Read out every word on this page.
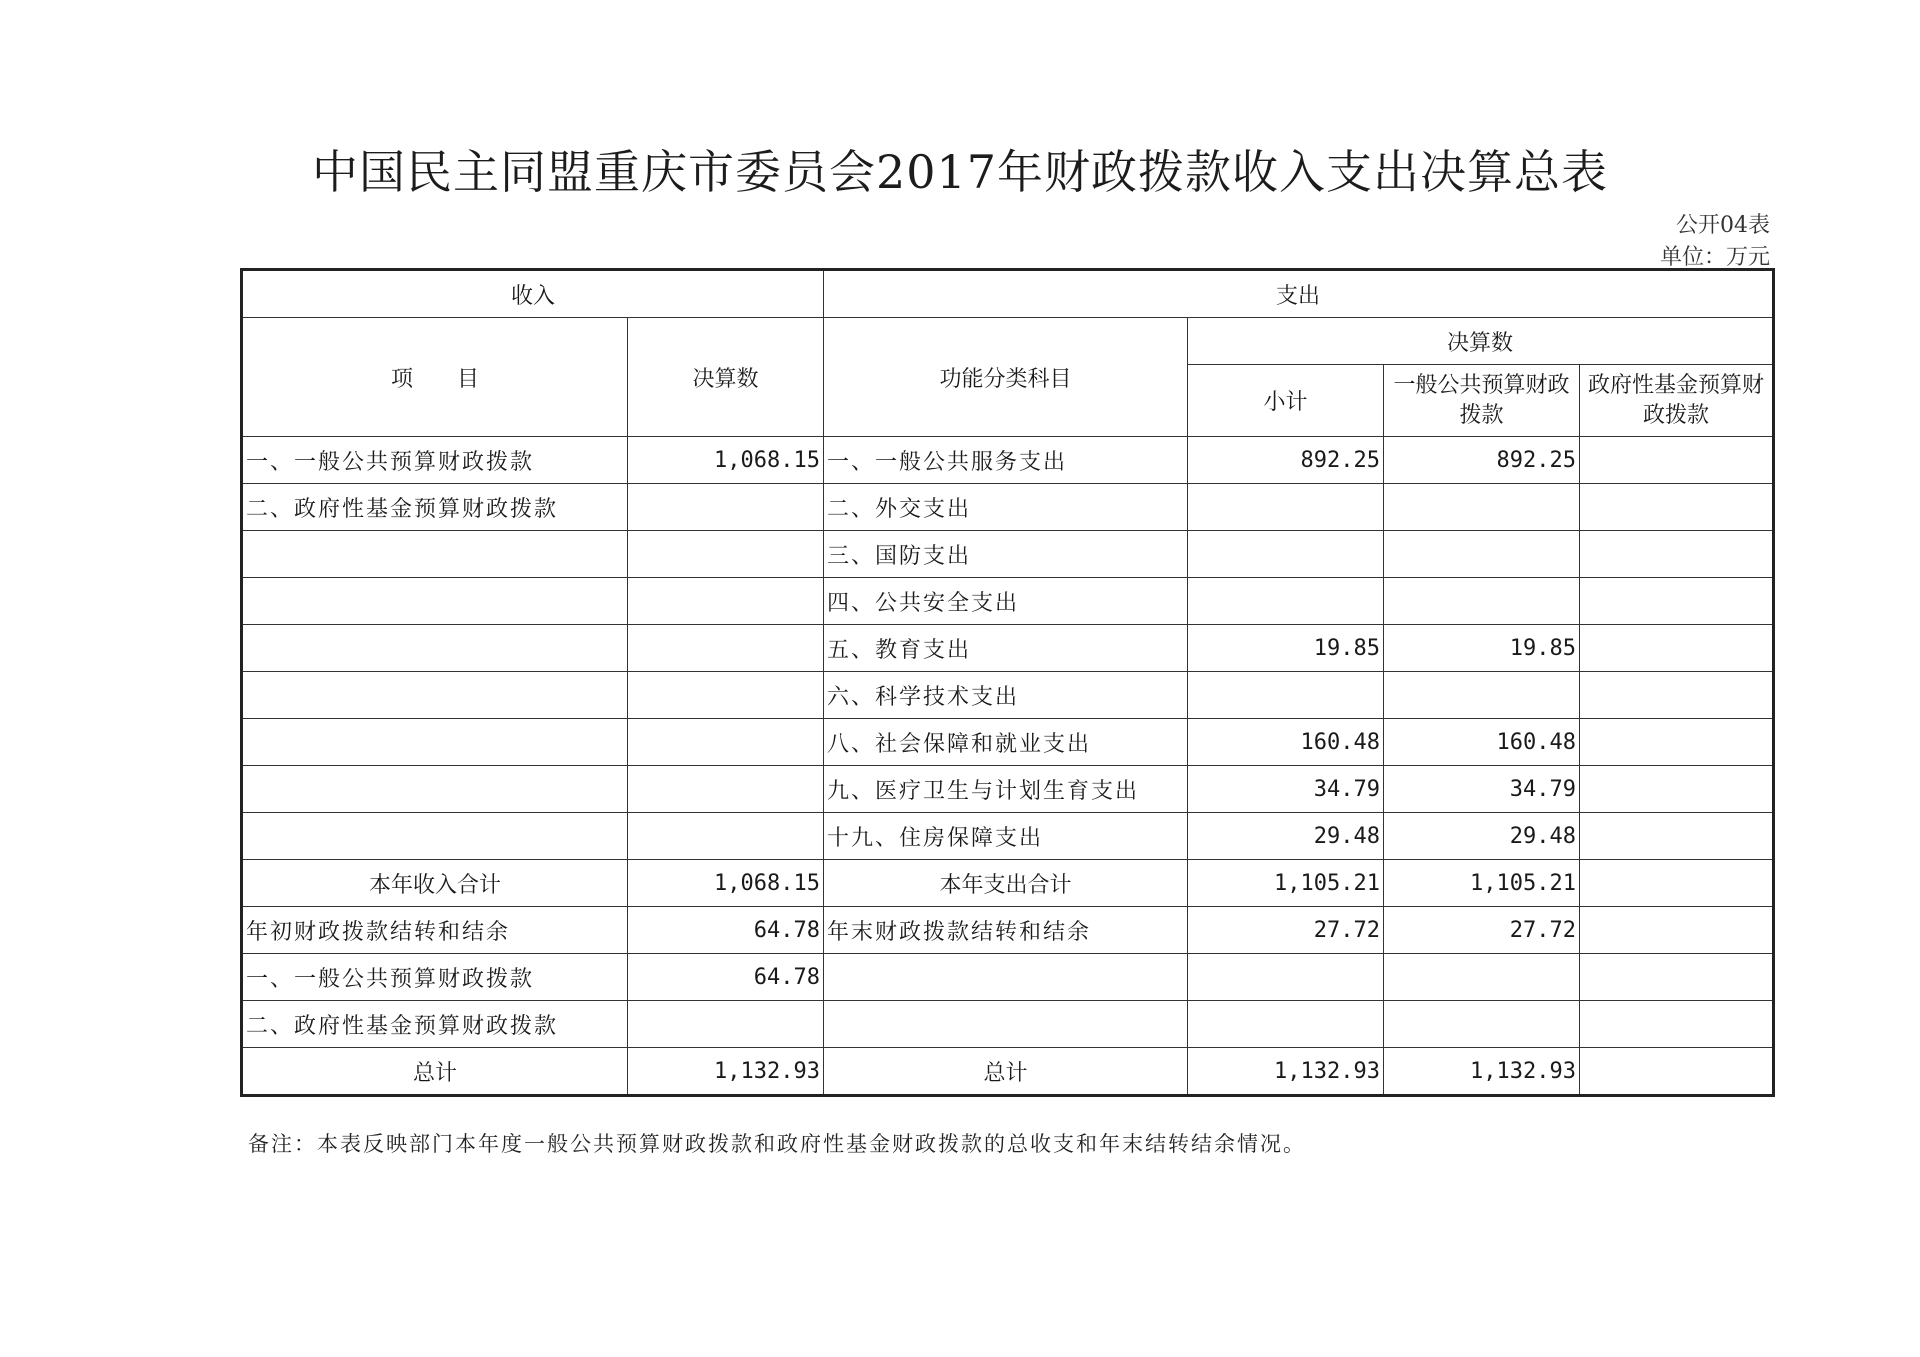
中国民主同盟重庆市委员会2017年财政拨款收入支出决算总表
公开04表
单位：万元
收入		支出			
项　　目	决算数	功能分类科目	决算数		
			小计	一般公共预算财政拨款	政府性基金预算财政拨款
一、一般公共预算财政拨款	1,068.15	一、一般公共服务支出	892.25	892.25	
二、政府性基金预算财政拨款		二、外交支出			
		三、国防支出			
		四、公共安全支出			
		五、教育支出	19.85	19.85	
		六、科学技术支出			
		八、社会保障和就业支出	160.48	160.48	
		九、医疗卫生与计划生育支出	34.79	34.79	
		十九、住房保障支出	29.48	29.48	
本年收入合计	1,068.15	本年支出合计	1,105.21	1,105.21	
年初财政拨款结转和结余	64.78	年末财政拨款结转和结余	27.72	27.72	
一、一般公共预算财政拨款	64.78				
二、政府性基金预算财政拨款					
总计	1,132.93	总计	1,132.93	1,132.93	
备注：本表反映部门本年度一般公共预算财政拨款和政府性基金财政拨款的总收支和年末结转结余情况。
